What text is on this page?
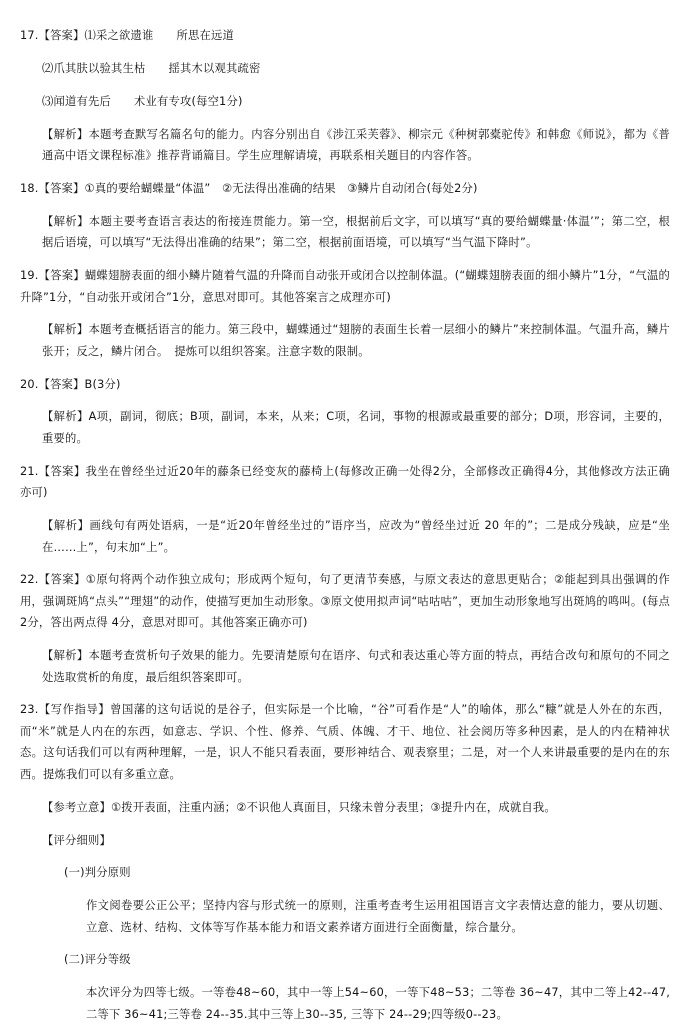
17.【答案】⑴采之欲遗谁　　所思在远道

⑵爪其肤以验其生枯　　揺其木以观其疏密

⑶闻道有先后　　术业有专攻(每空1分)

【解析】本题考查默写名篇名句的能力。内容分别出自《涉江采芙蓉》、柳宗元《种树郭橐驼传》和韩愈《师说》，都为《普通高中语文课程标准》推荐背诵篇目。学生应理解请境，再联系相关题目的内容作答。

18.【答案】①真的要给蝴蝶量“体温”　②无法得出准确的结果　③鳞片自动闭合(每处2分)

【解析】本题主要考查语言表达的衔接连贯能力。第一空，根据前后文字，可以填写“真的要给蝴蝶量·体温’”；第二空，根据后语境，可以填写“无法得出准确的结果”；第二空，根据前面语境，可以填写“当气温下降时”。

19.【答案】蝴蝶翅膀表面的细小鳞片随着气温的升降而自动张开或闭合以控制体温。(“蝴蝶翅膀表面的细小鳞片”1分，“气温的升降”1分，“自动张开或闭合”1分，意思对即可。其他答案言之成理亦可)

【解析】本题考查概括语言的能力。第三段中，蝴蝶通过“翅膀的表面生长着一层细小的鳞片”来控制体温。气温升高，鳞片张开；反之，鳞片闭合。　提炼可以组织答案。注意字数的限制。

20.【答案】B(3分)

【解析】A项，副词，彻底；B项，副词，本来，从来；C项，名词，事物的根源或最重要的部分；D项，形容词，主要的，重要的。

21.【答案】我坐在曾经坐过近20年的藤条已经变灰的藤椅上(每修改正确一处得2分，全部修改正确得4分，其他修改方法正确亦可)

【解析】画线句有两处语病，一是“近20年曾经坐过的”语序当，应改为“曾经坐过近 20 年的”；二是成分残缺，应是“坐在……上”，句末加“上”。

22.【答案】①原句将两个动作独立成句；形成两个短句，句了更清节奏感，与原文表达的意思更贴合；②能起到具出强调的作用，强调斑鸠“点头”“理翅”的动作，使描写更加生动形象。③原文使用拟声词“咕咕咕”，更加生动形象地写出斑鸠的鸣叫。(每点2分，答出两点得 4分，意思对即可。其他答案正确亦可)

【解析】本题考查赏析句子效果的能力。先要清楚原句在语序、句式和表达重心等方面的特点，再结合改句和原句的不同之处选取赏析的角度，最后组织答案即可。

23.【写作指导】曾国藩的这句话说的是谷子，但实际是一个比喻，“谷”可看作是“人”的喻体，那么“糠”就是人外在的东西，而“米”就是人内在的东西，如意志、学识、个性、修养、气质、体魄、才干、地位、社会阅历等多种因素，是人的内在精神状态。这句话我们可以有两种理解，一是，识人不能只看表面，要形神结合、观表察里；二是，对一个人来讲最重要的是内在的东西。提炼我们可以有多重立意。

【参考立意】①拨开表面，注重内涵；②不识他人真面目，只缘未曾分表里；③提升内在，成就自我。

【评分细则】

(一)判分原则

作文阅卷要公正公平；坚持内容与形式统一的原则，注重考查考生运用祖国语言文字表情达意的能力，要从切题、立意、选材、结构、文体等写作基本能力和语文素养诸方面进行全面衡量，综合量分。

(二)评分等级

本次评分为四等七级。一等卷48~60，其中一等上54~60，一等下48~53；二等卷 36~47，其中二等上42--47,二等下 36~41;三等卷 24--35.其中三等上30--35, 三等下 24--29;四等级0--23。
